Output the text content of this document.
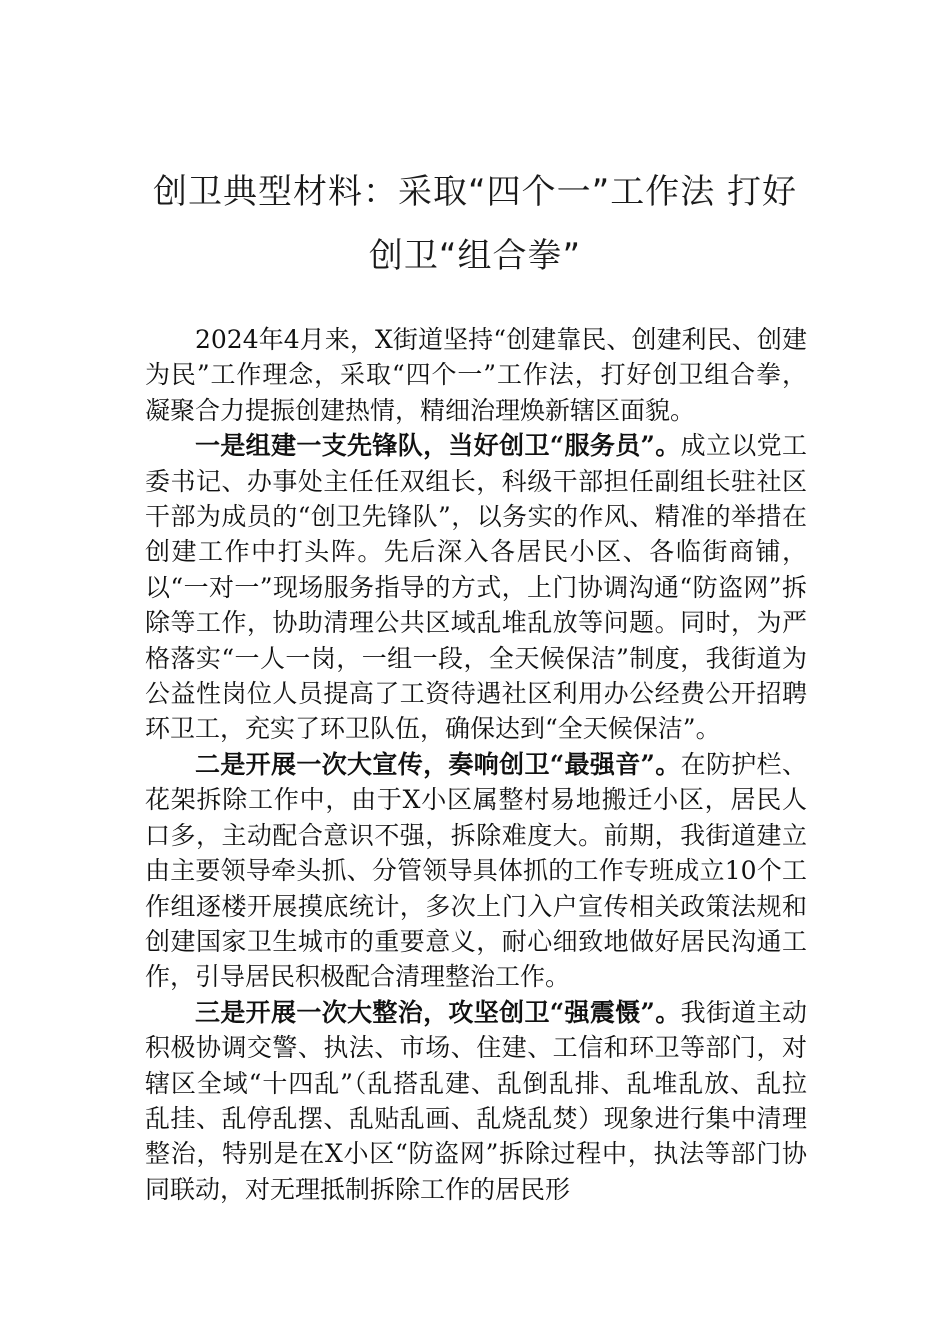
创卫典型材料：采取“四个一”工作法 打好创卫“组合拳”

2024年4月来，X街道坚持“创建靠民、创建利民、创建为民”工作理念，采取“四个一”工作法，打好创卫组合拳，凝聚合力提振创建热情，精细治理焕新辖区面貌。

一是组建一支先锋队，当好创卫“服务员”。成立以党工委书记、办事处主任任双组长，科级干部担任副组长驻社区干部为成员的“创卫先锋队”，以务实的作风、精准的举措在创建工作中打头阵。先后深入各居民小区、各临街商铺，以“一对一”现场服务指导的方式，上门协调沟通“防盗网”拆除等工作，协助清理公共区域乱堆乱放等问题。同时，为严格落实“一人一岗，一组一段，全天候保洁”制度，我街道为公益性岗位人员提高了工资待遇社区利用办公经费公开招聘环卫工，充实了环卫队伍，确保达到“全天候保洁”。

二是开展一次大宣传，奏响创卫“最强音”。在防护栏、花架拆除工作中，由于X小区属整村易地搬迁小区，居民人口多，主动配合意识不强，拆除难度大。前期，我街道建立由主要领导牵头抓、分管领导具体抓的工作专班成立10个工作组逐楼开展摸底统计，多次上门入户宣传相关政策法规和创建国家卫生城市的重要意义，耐心细致地做好居民沟通工作，引导居民积极配合清理整治工作。

三是开展一次大整治，攻坚创卫“强震慑”。我街道主动积极协调交警、执法、市场、住建、工信和环卫等部门，对辖区全域“十四乱”（乱搭乱建、乱倒乱排、乱堆乱放、乱拉乱挂、乱停乱摆、乱贴乱画、乱烧乱焚）现象进行集中清理整治，特别是在X小区“防盗网”拆除过程中，执法等部门协同联动，对无理抵制拆除工作的居民形
